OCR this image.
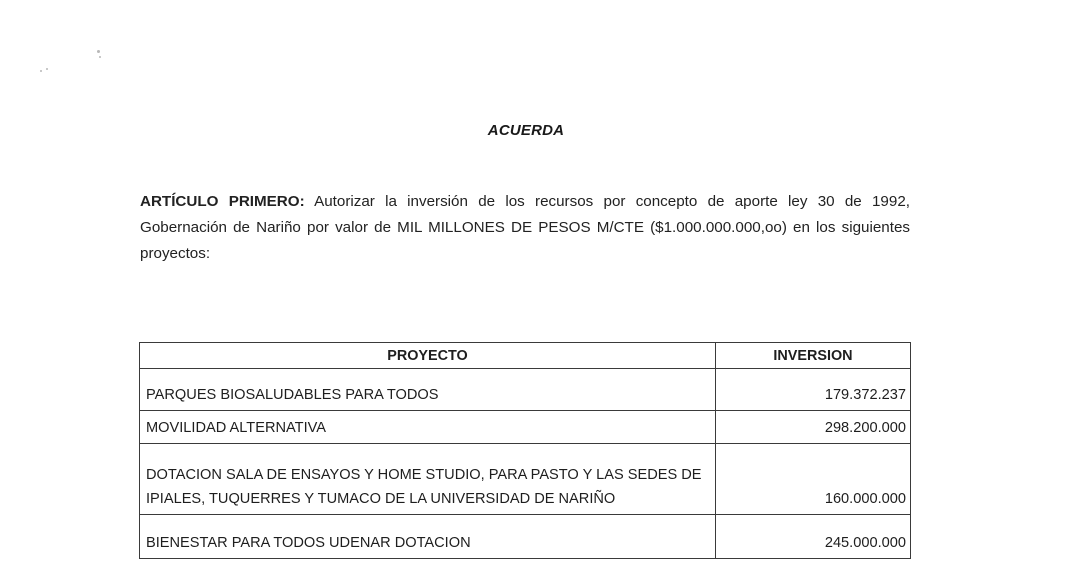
ACUERDA

ARTÍCULO PRIMERO: Autorizar la inversión de los recursos por concepto de aporte ley 30 de 1992, Gobernación de Nariño por valor de MIL MILLONES DE PESOS M/CTE ($1.000.000.000,oo) en los siguientes proyectos:

PROYECTO	INVERSION
PARQUES BIOSALUDABLES PARA TODOS	179.372.237
MOVILIDAD ALTERNATIVA	298.200.000
DOTACION SALA DE ENSAYOS Y HOME STUDIO, PARA PASTO Y LAS SEDES DE IPIALES, TUQUERRES Y TUMACO DE LA UNIVERSIDAD DE NARIÑO	160.000.000
BIENESTAR PARA TODOS UDENAR DOTACION	245.000.000
